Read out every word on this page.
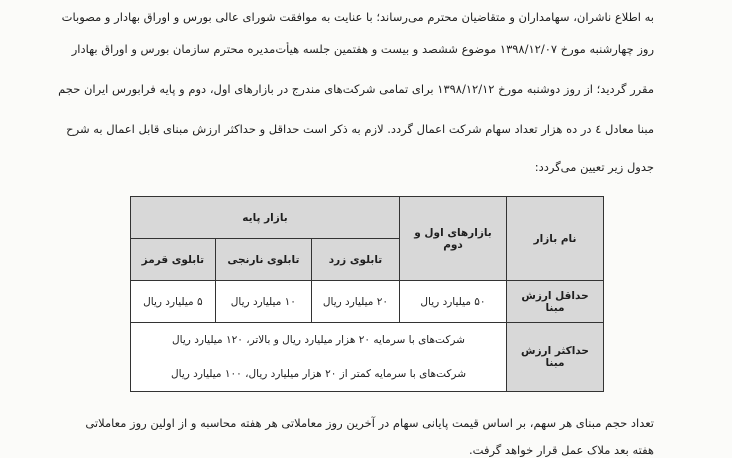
به اطلاع ناشران، سهامداران و متقاضیان محترم می‌رساند؛ با عنایت به موافقت شورای عالی بورس و اوراق بهادار و مصوبات
روز چهارشنبه مورخ ۱۳۹۸/۱۲/۰۷ موضوع ششصد و بیست و هفتمین جلسه هیأت‌مدیره محترم سازمان بورس و اوراق بهادار
مقرر گردید؛ از روز دوشنبه مورخ ۱۳۹۸/۱۲/۱۲ برای تمامی شرکت‌های مندرج در بازارهای اول، دوم و پایه فرابورس ایران حجم
مبنا معادل ٤ در ده هزار تعداد سهام شرکت اعمال گردد. لازم به ذکر است حداقل و حداکثر ارزش مبنای قابل اعمال به شرح
جدول زیر تعیین می‌گردد:
نام بازار	بازارهای اول و دوم	بازار پایه		
		تابلوی زرد	تابلوی نارنجی	تابلوی قرمز
حداقل ارزش مبنا	۵۰ میلیارد ریال	۲۰ میلیارد ریال	۱۰ میلیارد ریال	۵ میلیارد ریال
حداکثر ارزش مبنا	شرکت‌های با سرمایه ۲۰ هزار میلیارد ریال و بالاتر، ۱۲۰ میلیارد ریال
شرکت‌های با سرمایه کمتر از ۲۰ هزار میلیارد ریال، ۱۰۰ میلیارد ریال			
تعداد حجم مبنای هر سهم، بر اساس قیمت پایانی سهام در آخرین روز معاملاتی هر هفته محاسبه و از اولین روز معاملاتی
هفته بعد ملاک عمل قرار خواهد گرفت.
